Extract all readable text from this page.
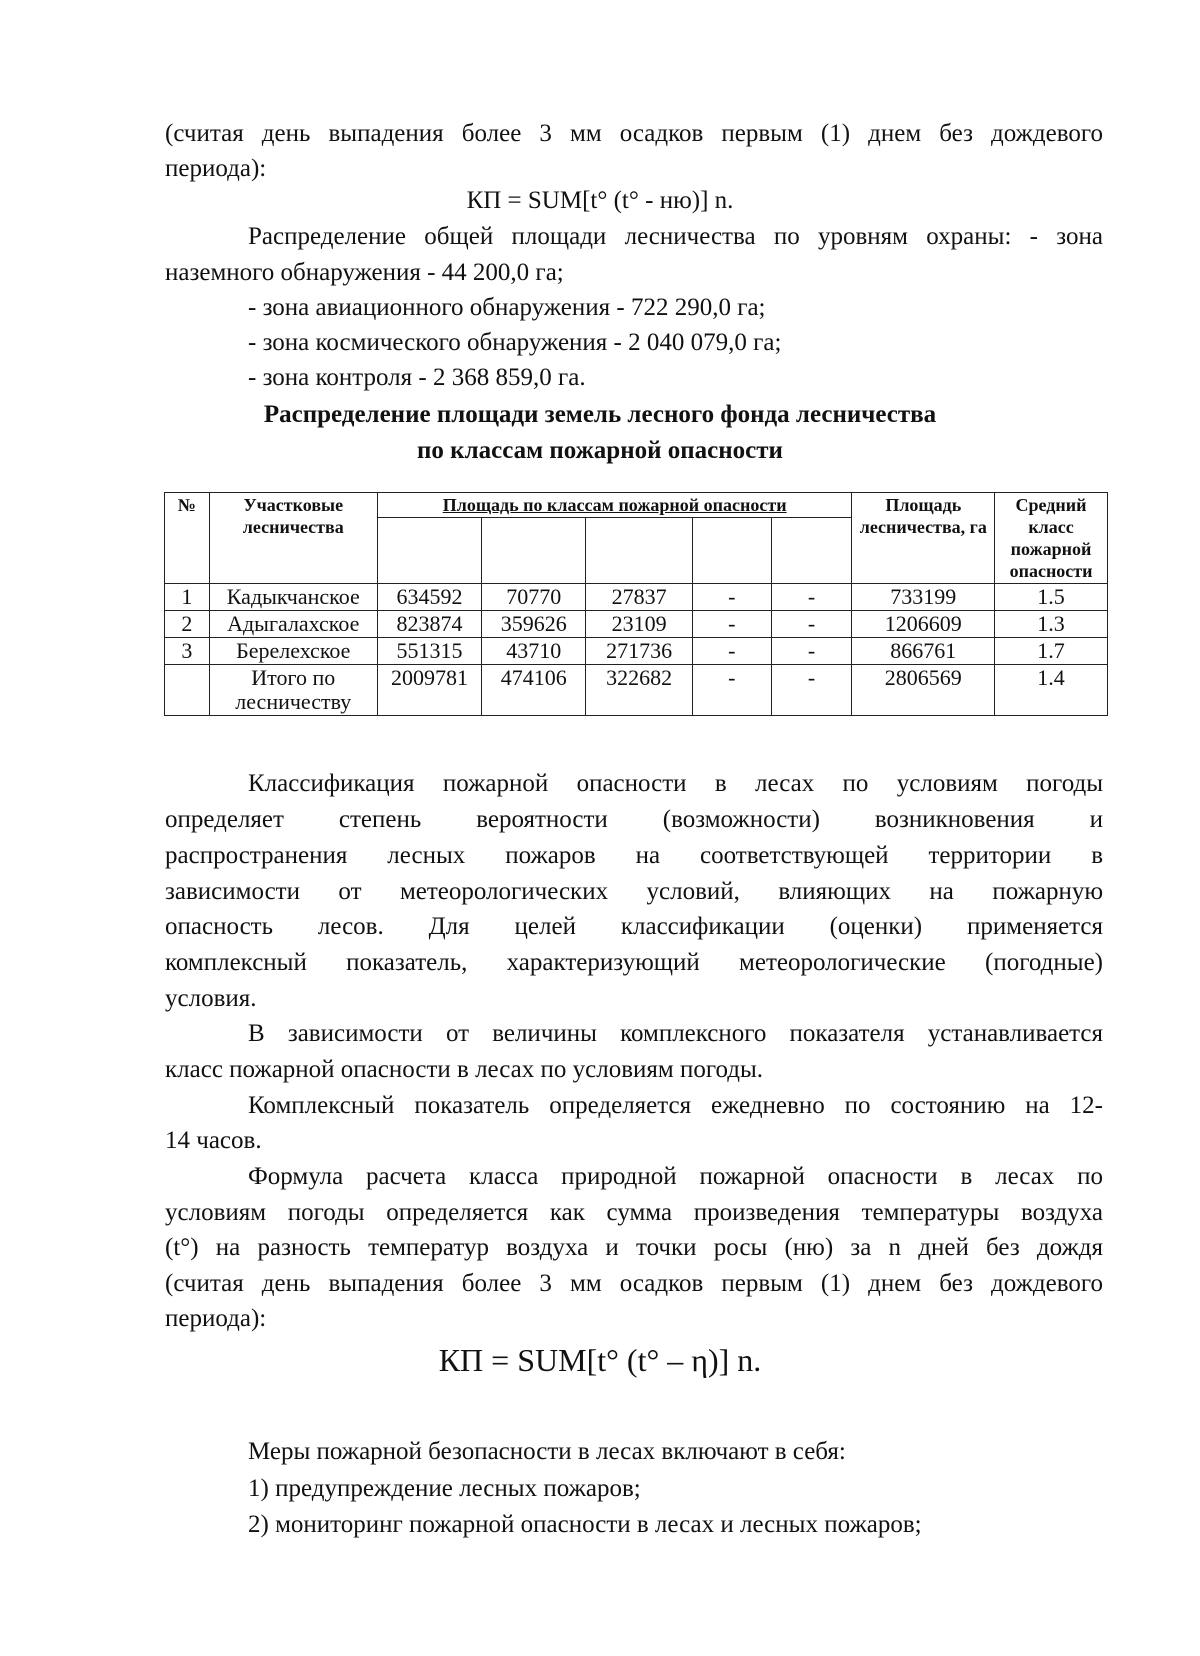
(считая день выпадения более 3 мм осадков первым (1) днем без дождевого

периода):

КП = SUM[t° (t° - ню)] n.

Распределение общей площади лесничества по уровням охраны: - зона

наземного обнаружения - 44 200,0 га;

- зона авиационного обнаружения - 722 290,0 га;

- зона космического обнаружения - 2 040 079,0 га;

- зона контроля - 2 368 859,0 га.

Распределение площади земель лесного фонда лесничества
по классам пожарной опасности
№	Участковые лесничества	Площадь по классам пожарной опасности					Площадь лесничества, га	Средний класс пожарной опасности

1	Кадыкчанское	634592	70770	27837	-	-	733199	1.5
2	Адыгалахское	823874	359626	23109	-	-	1206609	1.3
3	Берелехское	551315	43710	271736	-	-	866761	1.7
	Итого по лесничеству	2009781	474106	322682	-	-	2806569	1.4

Классификация пожарной опасности в лесах по условиям погоды

определяет степень вероятности (возможности) возникновения и

распространения лесных пожаров на соответствующей территории в

зависимости от метеорологических условий, влияющих на пожарную

опасность лесов. Для целей классификации (оценки) применяется

комплексный показатель, характеризующий метеорологические (погодные)

условия.

В зависимости от величины комплексного показателя устанавливается

класс пожарной опасности в лесах по условиям погоды.

Комплексный показатель определяется ежедневно по состоянию на 12-

14 часов.

Формула расчета класса природной пожарной опасности в лесах по

условиям погоды определяется как сумма произведения температуры воздуха

(t°) на разность температур воздуха и точки росы (ню) за n дней без дождя

(считая день выпадения более 3 мм осадков первым (1) днем без дождевого

периода):

КП = SUM[t° (t° – η)] n.

Меры пожарной безопасности в лесах включают в себя:

1) предупреждение лесных пожаров;

2) мониторинг пожарной опасности в лесах и лесных пожаров;
